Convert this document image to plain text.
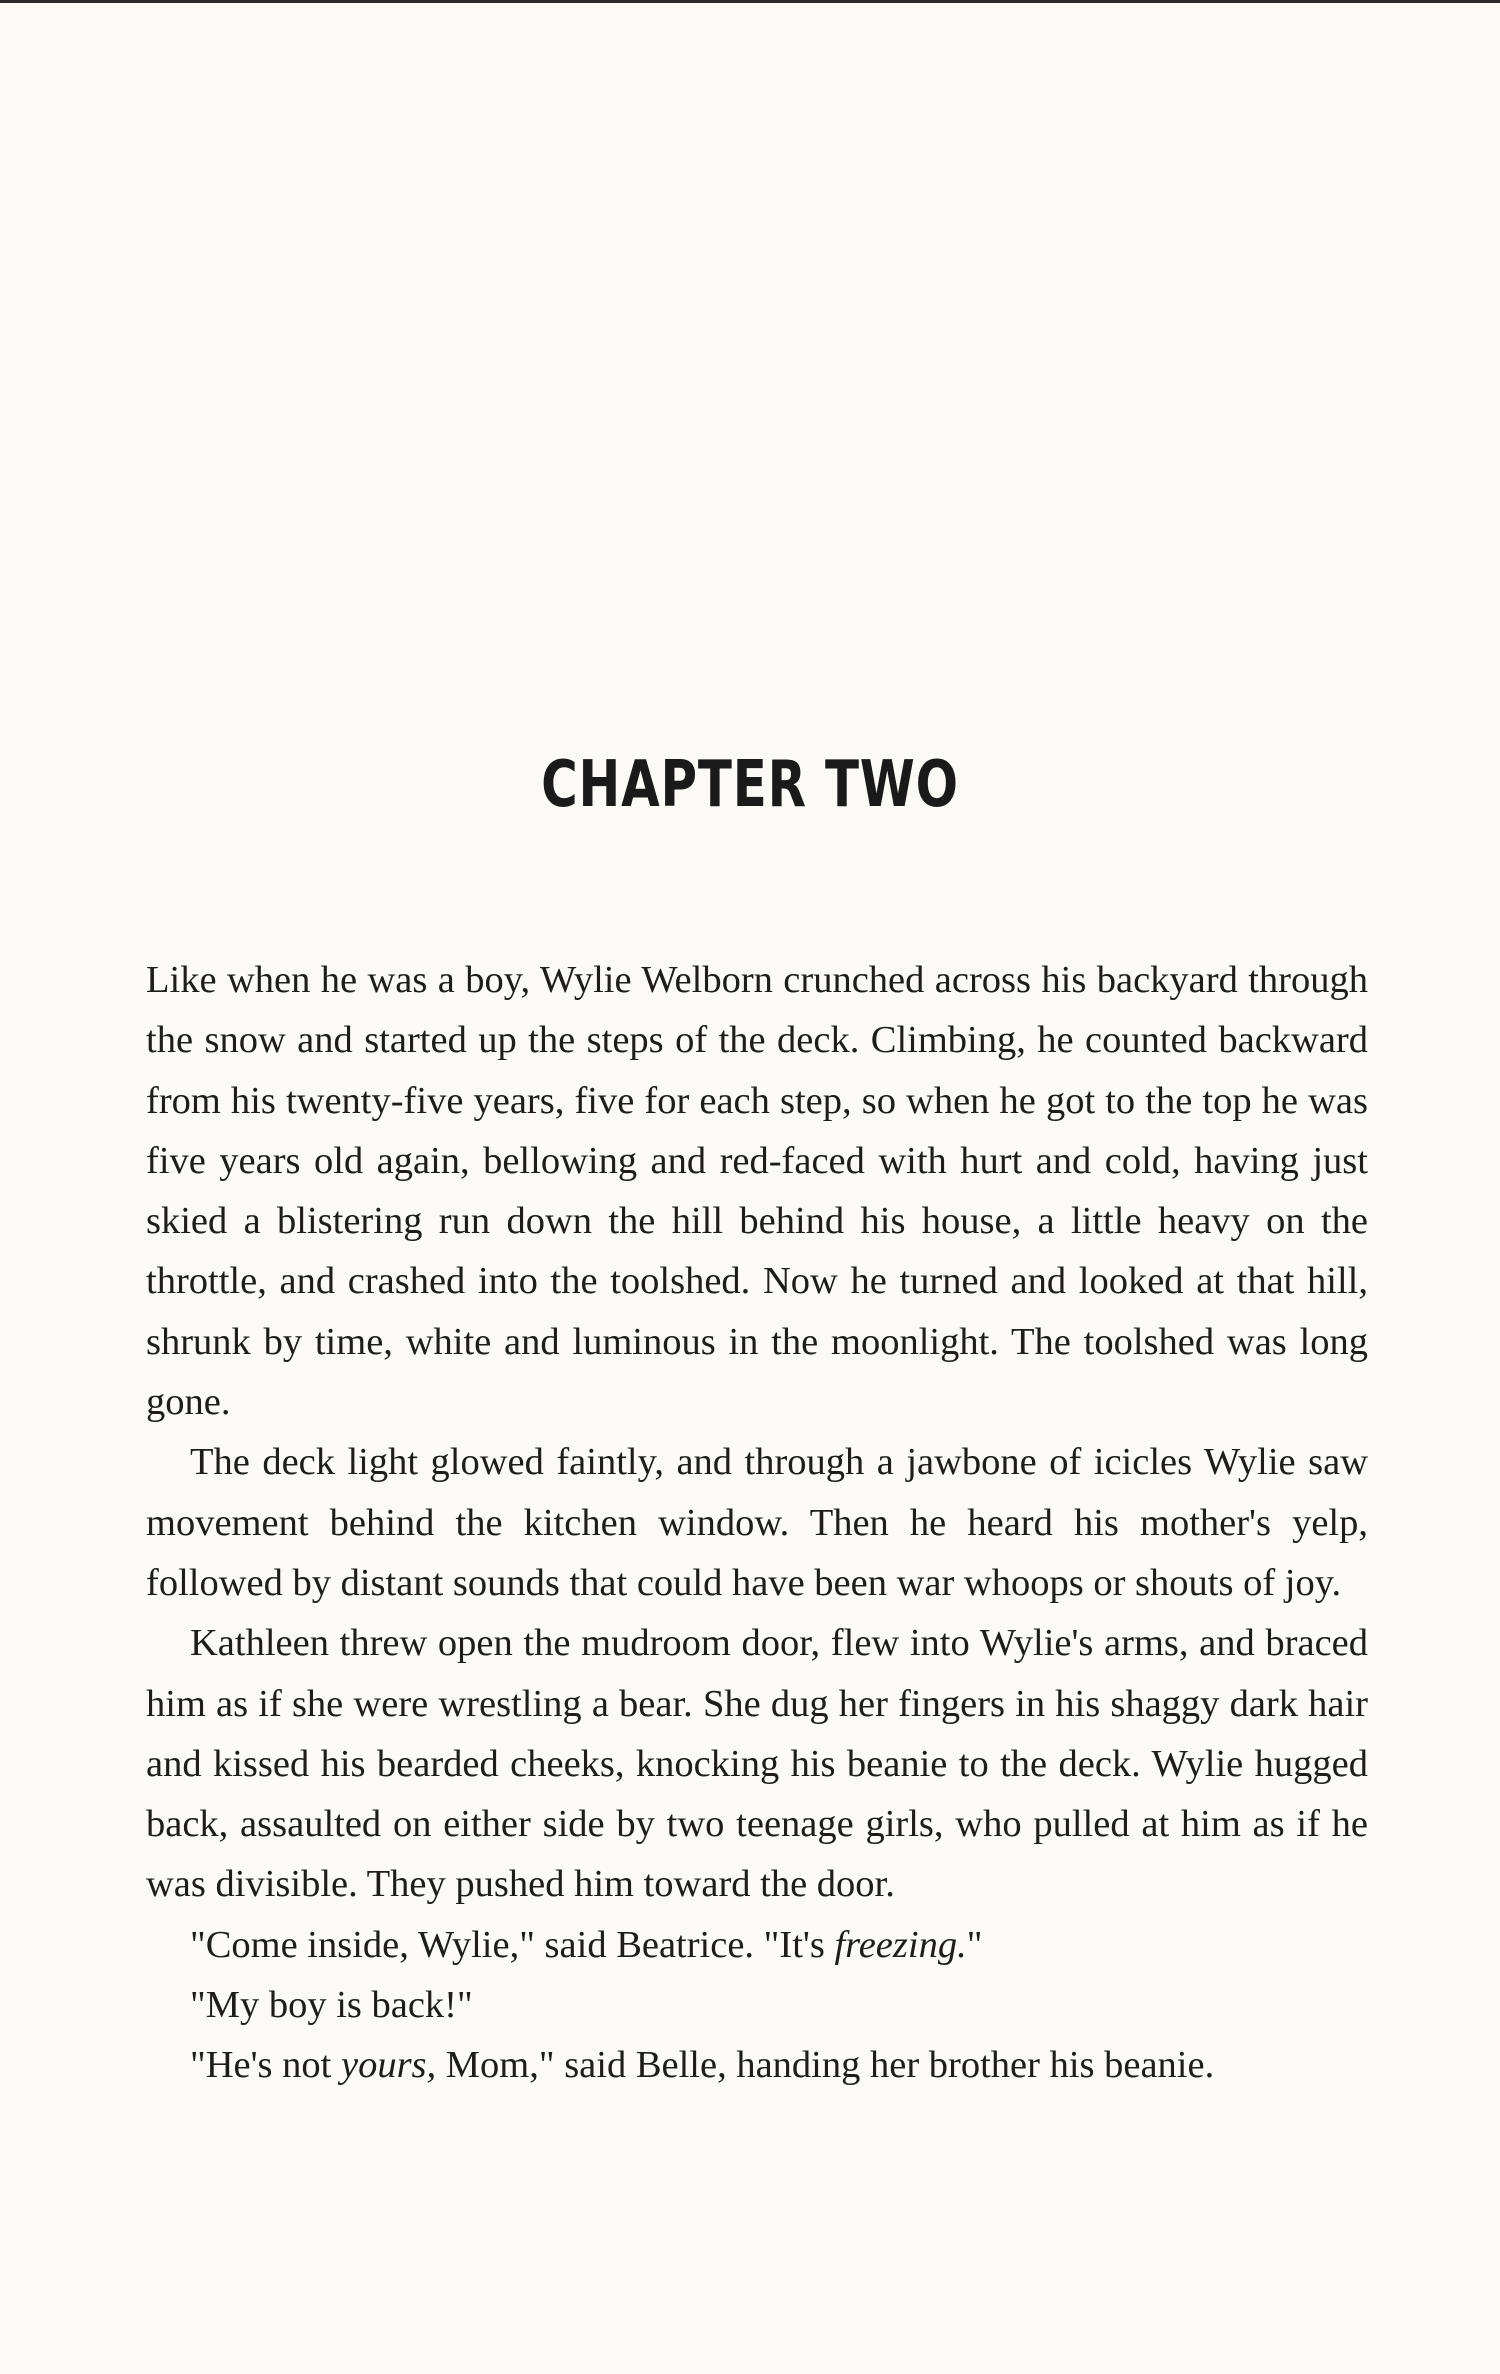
CHAPTER TWO

Like when he was a boy, Wylie Welborn crunched across his backyard through the snow and started up the steps of the deck. Climbing, he counted backward from his twenty-five years, five for each step, so when he got to the top he was five years old again, bellowing and red-faced with hurt and cold, having just skied a blistering run down the hill behind his house, a little heavy on the throttle, and crashed into the toolshed. Now he turned and looked at that hill, shrunk by time, white and luminous in the moonlight. The toolshed was long gone.

The deck light glowed faintly, and through a jawbone of icicles Wylie saw movement behind the kitchen window. Then he heard his mother's yelp, followed by distant sounds that could have been war whoops or shouts of joy.

Kathleen threw open the mudroom door, flew into Wylie's arms, and braced him as if she were wrestling a bear. She dug her fingers in his shaggy dark hair and kissed his bearded cheeks, knocking his beanie to the deck. Wylie hugged back, assaulted on either side by two teenage girls, who pulled at him as if he was divisible. They pushed him toward the door.

"Come inside, Wylie," said Beatrice. "It's freezing."

"My boy is back!"

"He's not yours, Mom," said Belle, handing her brother his beanie.
